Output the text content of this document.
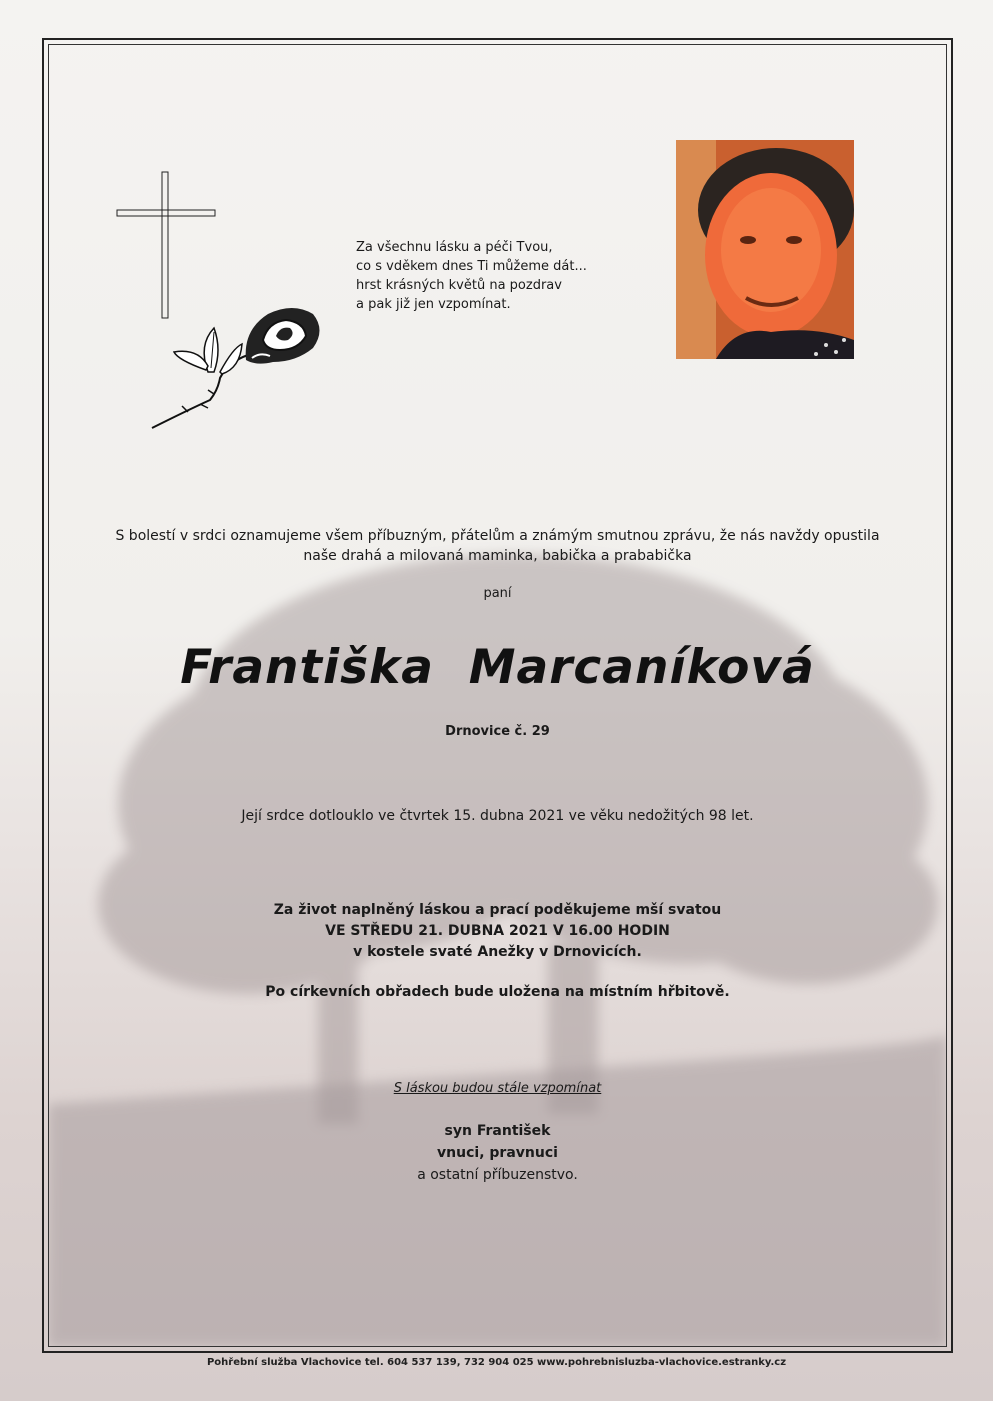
Za všechnu lásku a péči Tvou,
co s vděkem dnes Ti můžeme dát...
hrst krásných květů na pozdrav
a pak již jen vzpomínat.
S bolestí v srdci oznamujeme všem příbuzným, přátelům a známým smutnou zprávu, že nás navždy opustila
naše drahá a milovaná maminka, babička a prababička
paní
Františka  Marcaníková
Drnovice č. 29
Její srdce dotlouklo ve čtvrtek 15. dubna 2021 ve věku nedožitých 98 let.
Za život naplněný láskou a prací poděkujeme mší svatou
VE STŘEDU 21. DUBNA 2021 V 16.00 HODIN
v kostele svaté Anežky v Drnovicích.
Po církevních obřadech bude uložena na místním hřbitově.
S láskou budou stále vzpomínat
syn František
vnuci, pravnuci
a ostatní příbuzenstvo.
Pohřební služba Vlachovice tel. 604 537 139, 732 904 025 www.pohrebnisluzba-vlachovice.estranky.cz
